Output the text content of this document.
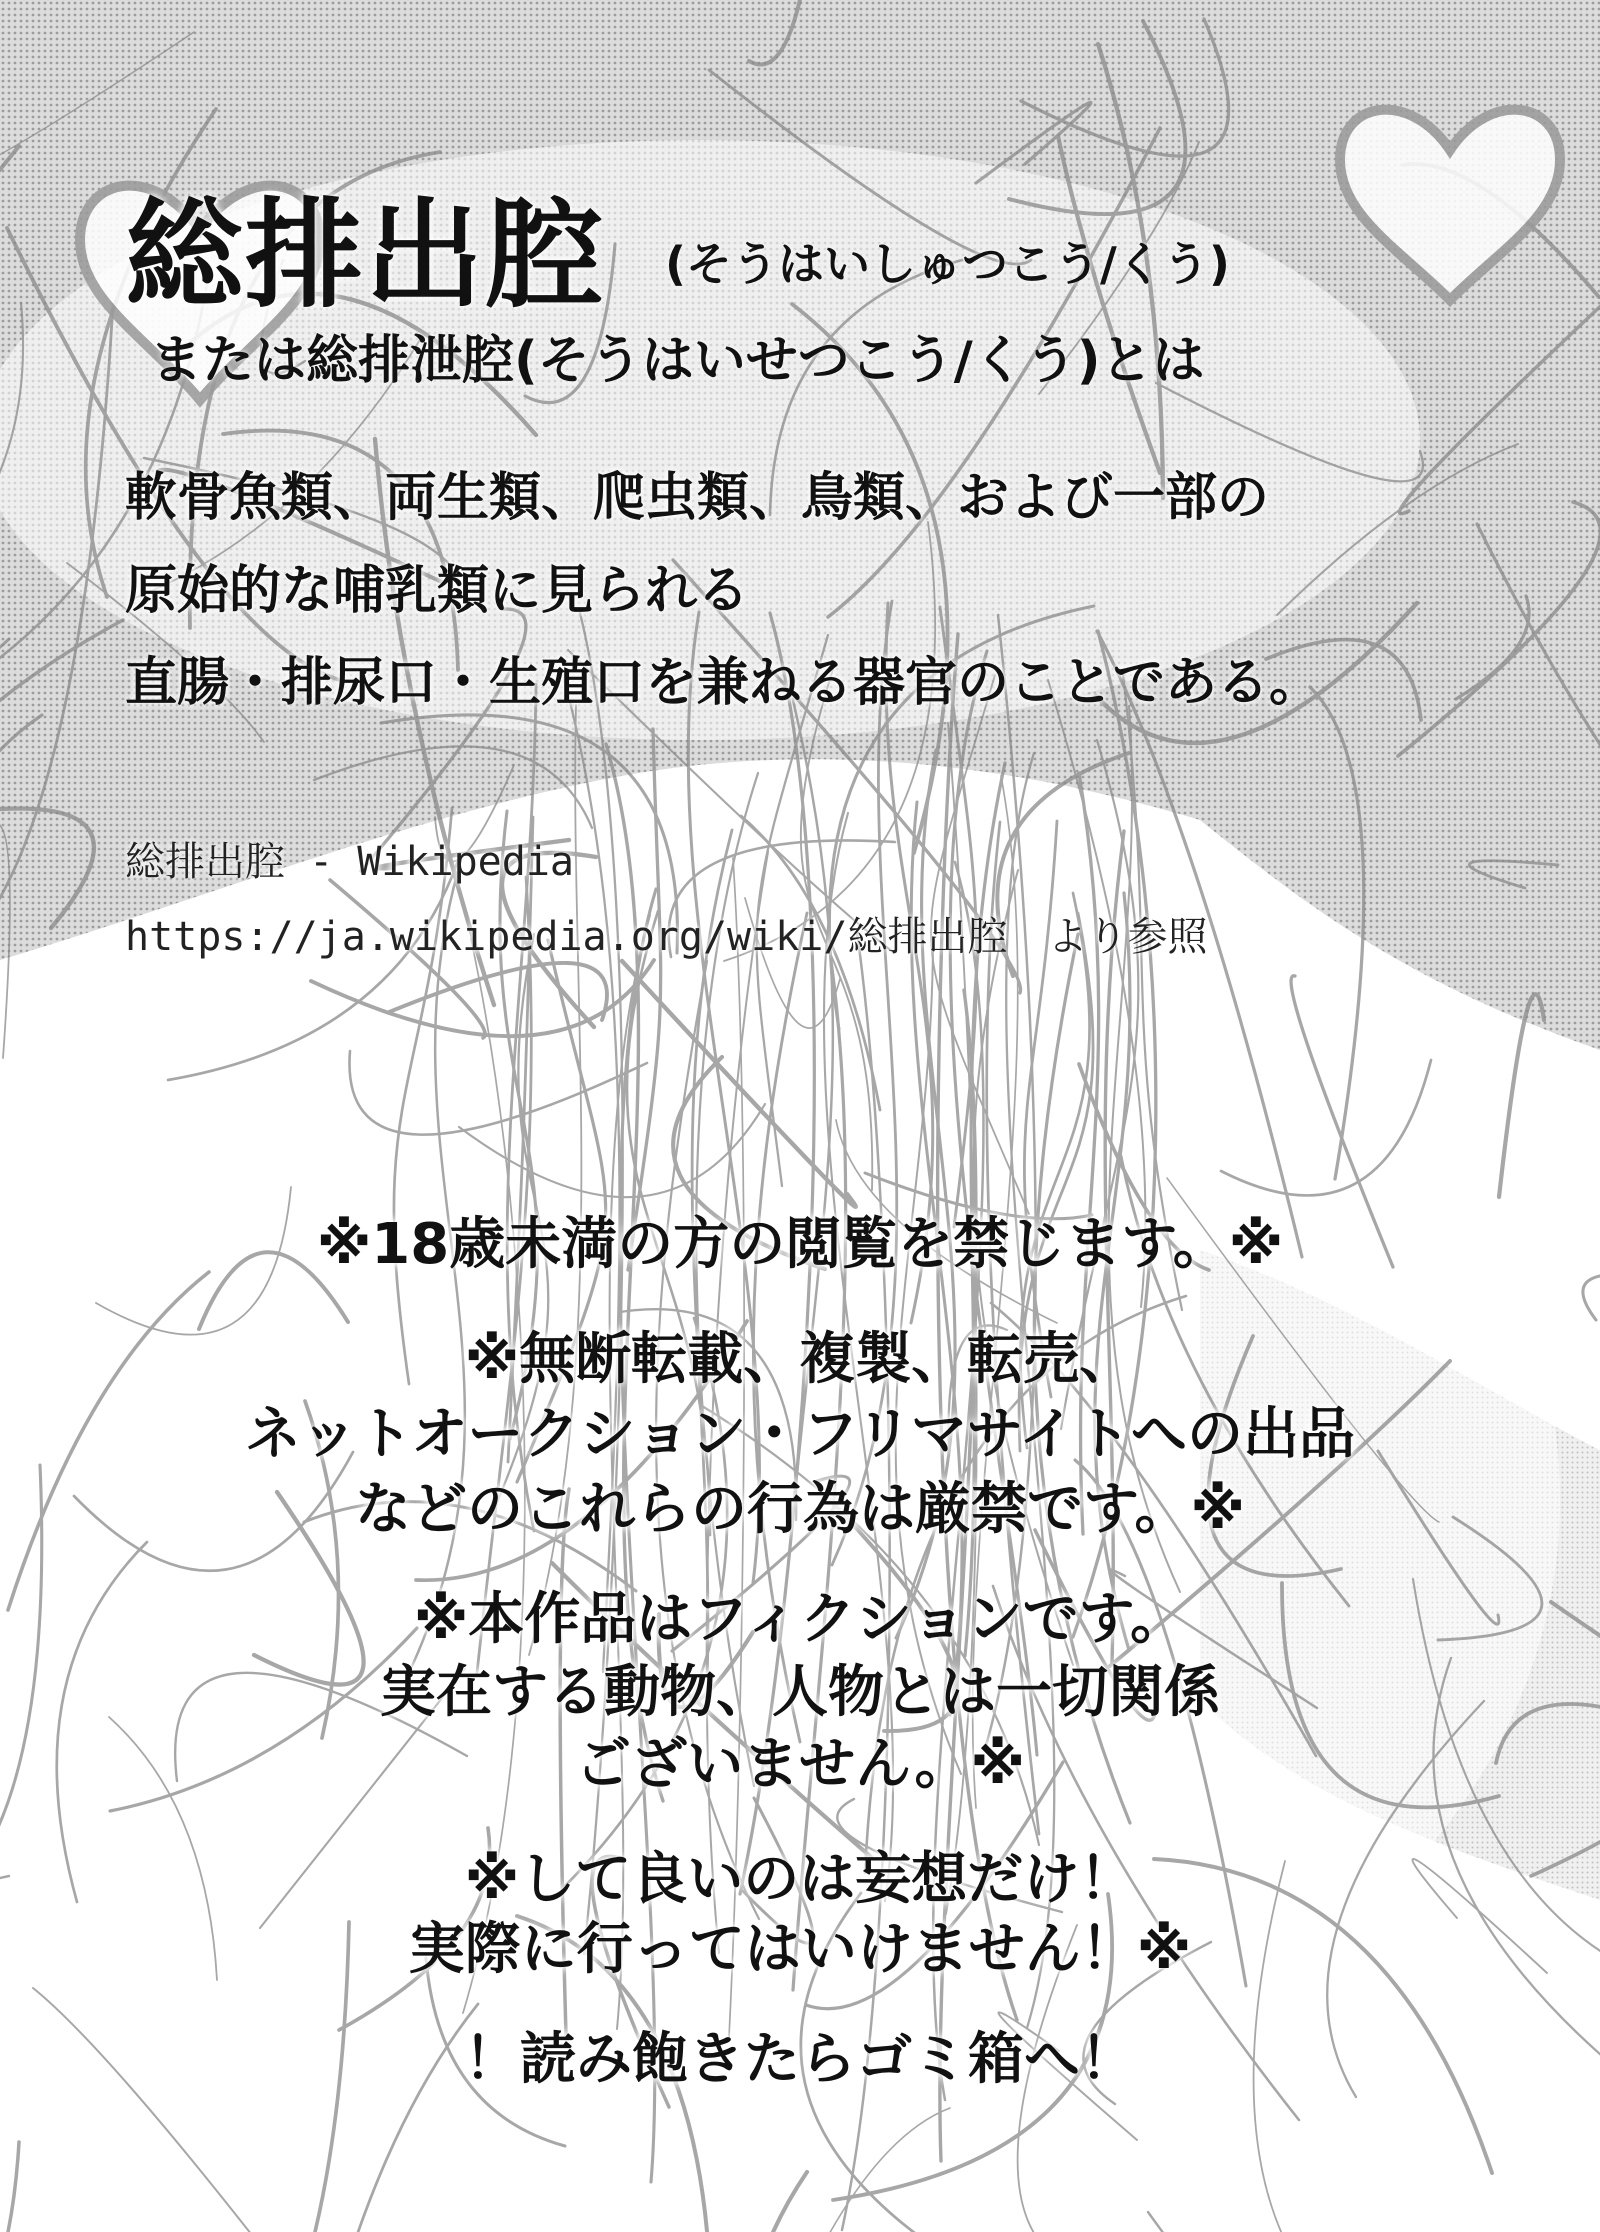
総排出腔 (そうはいしゅつこう/くう)
または総排泄腔(そうはいせつこう/くう)とは
軟骨魚類、両生類、爬虫類、鳥類、および一部の
原始的な哺乳類に見られる
直腸・排尿口・生殖口を兼ねる器官のことである。
総排出腔 - Wikipedia
https://ja.wikipedia.org/wiki/総排出腔　より参照
※18歳未満の方の閲覧を禁じます。※
※無断転載、複製、転売、
ネットオークション・フリマサイトへの出品
などのこれらの行為は厳禁です。※
※本作品はフィクションです。
実在する動物、人物とは一切関係
ございません。※
※して良いのは妄想だけ！
実際に行ってはいけません！※
！読み飽きたらゴミ箱へ！
